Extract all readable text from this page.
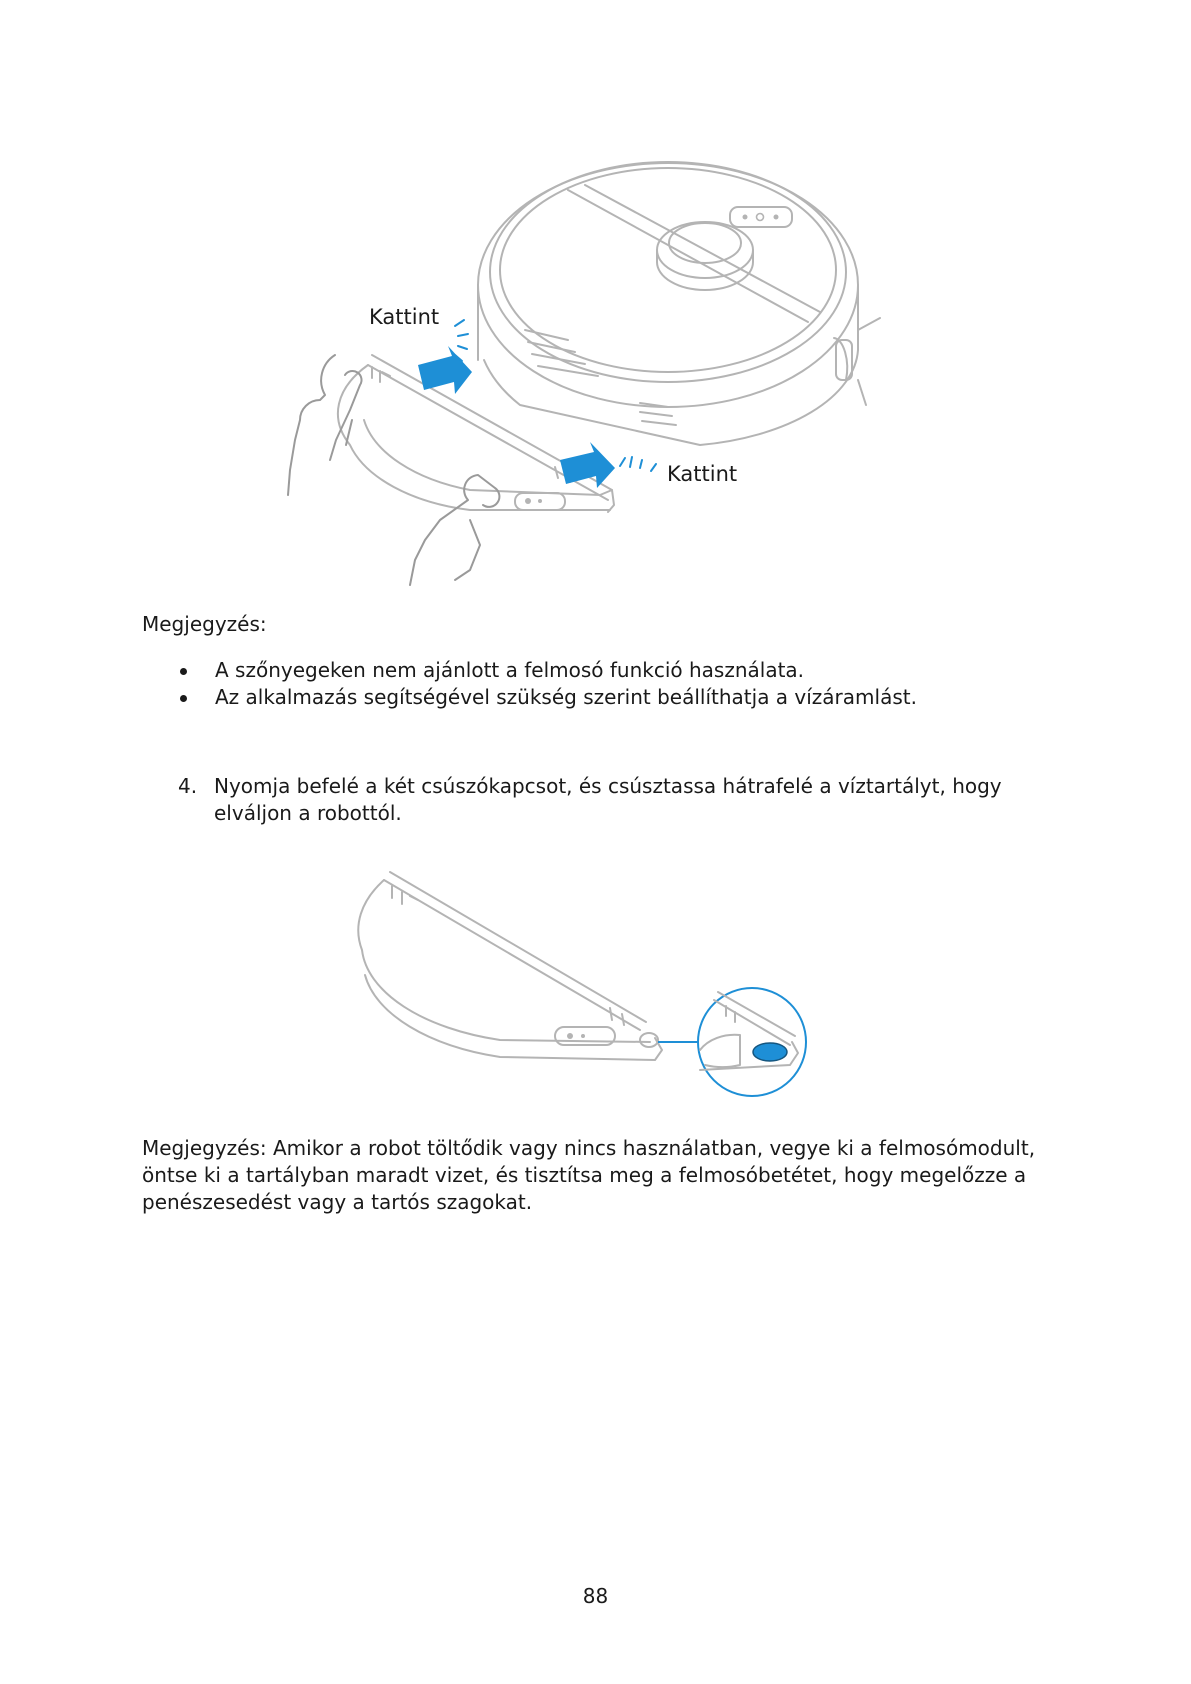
Kattint
Kattint
Megjegyzés:
A szőnyegeken nem ajánlott a felmosó funkció használata.
Az alkalmazás segítségével szükség szerint beállíthatja a vízáramlást.
4. Nyomja befelé a két csúszókapcsot, és csúsztassa hátrafelé a víztartályt, hogy
elváljon a robottól.
Megjegyzés: Amikor a robot töltődik vagy nincs használatban, vegye ki a felmosómodult,
öntse ki a tartályban maradt vizet, és tisztítsa meg a felmosóbetétet, hogy megelőzze a
penészesedést vagy a tartós szagokat.
88
